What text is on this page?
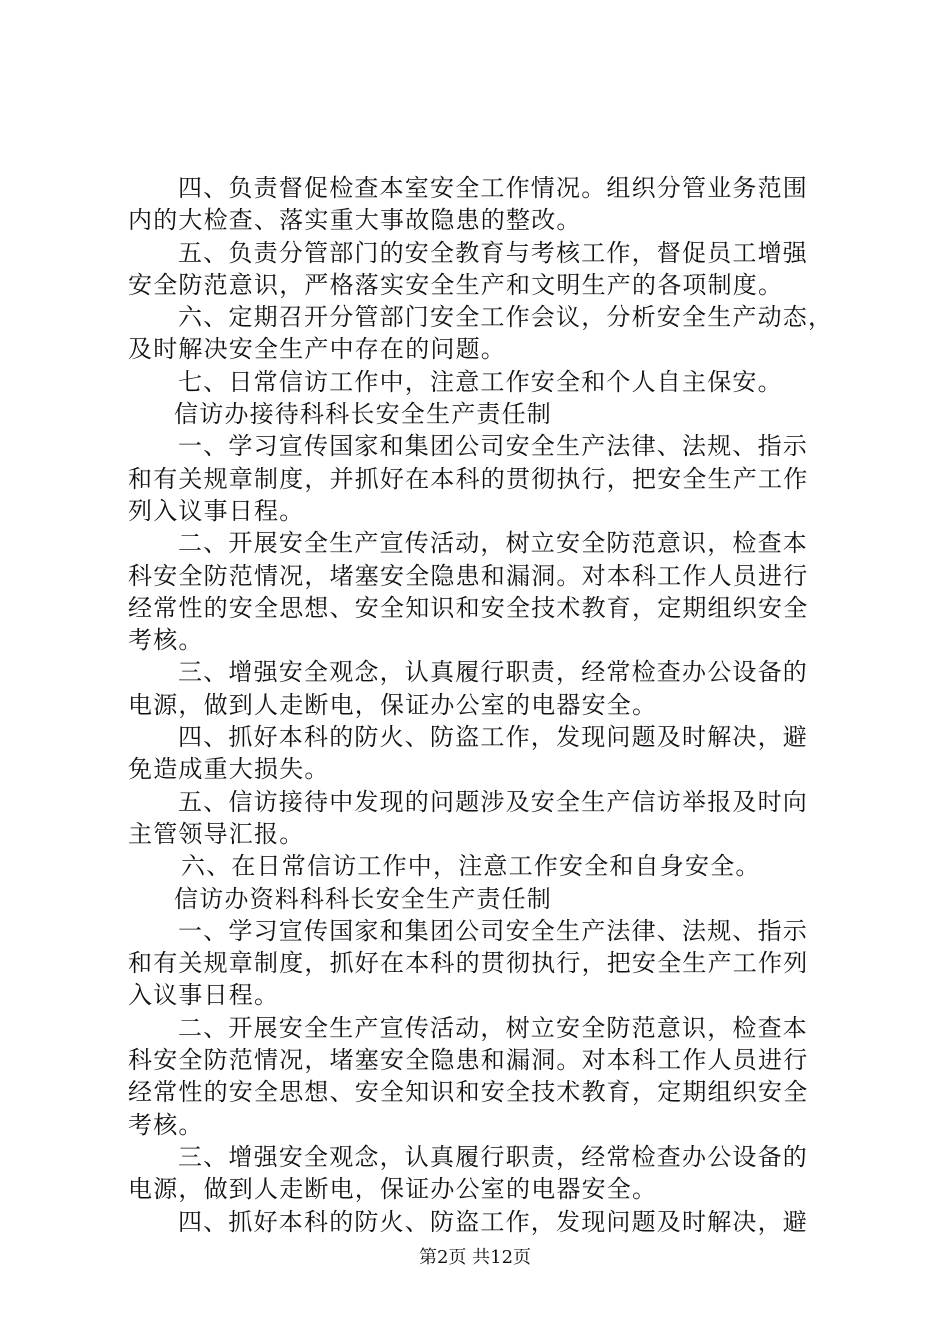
四、负责督促检查本室安全工作情况。组织分管业务范围
内的大检查、落实重大事故隐患的整改。
五、负责分管部门的安全教育与考核工作，督促员工增强
安全防范意识，严格落实安全生产和文明生产的各项制度。
六、定期召开分管部门安全工作会议，分析安全生产动态，
及时解决安全生产中存在的问题。
七、日常信访工作中，注意工作安全和个人自主保安。
信访办接待科科长安全生产责任制
一、学习宣传国家和集团公司安全生产法律、法规、指示
和有关规章制度，并抓好在本科的贯彻执行，把安全生产工作
列入议事日程。
二、开展安全生产宣传活动，树立安全防范意识，检查本
科安全防范情况，堵塞安全隐患和漏洞。对本科工作人员进行
经常性的安全思想、安全知识和安全技术教育，定期组织安全
考核。
三、增强安全观念，认真履行职责，经常检查办公设备的
电源，做到人走断电，保证办公室的电器安全。
四、抓好本科的防火、防盗工作，发现问题及时解决，避
免造成重大损失。
五、信访接待中发现的问题涉及安全生产信访举报及时向
主管领导汇报。
六、在日常信访工作中，注意工作安全和自身安全。
信访办资料科科长安全生产责任制
一、学习宣传国家和集团公司安全生产法律、法规、指示
和有关规章制度，抓好在本科的贯彻执行，把安全生产工作列
入议事日程。
二、开展安全生产宣传活动，树立安全防范意识，检查本
科安全防范情况，堵塞安全隐患和漏洞。对本科工作人员进行
经常性的安全思想、安全知识和安全技术教育，定期组织安全
考核。
三、增强安全观念，认真履行职责，经常检查办公设备的
电源，做到人走断电，保证办公室的电器安全。
四、抓好本科的防火、防盗工作，发现问题及时解决，避
第2页 共12页
